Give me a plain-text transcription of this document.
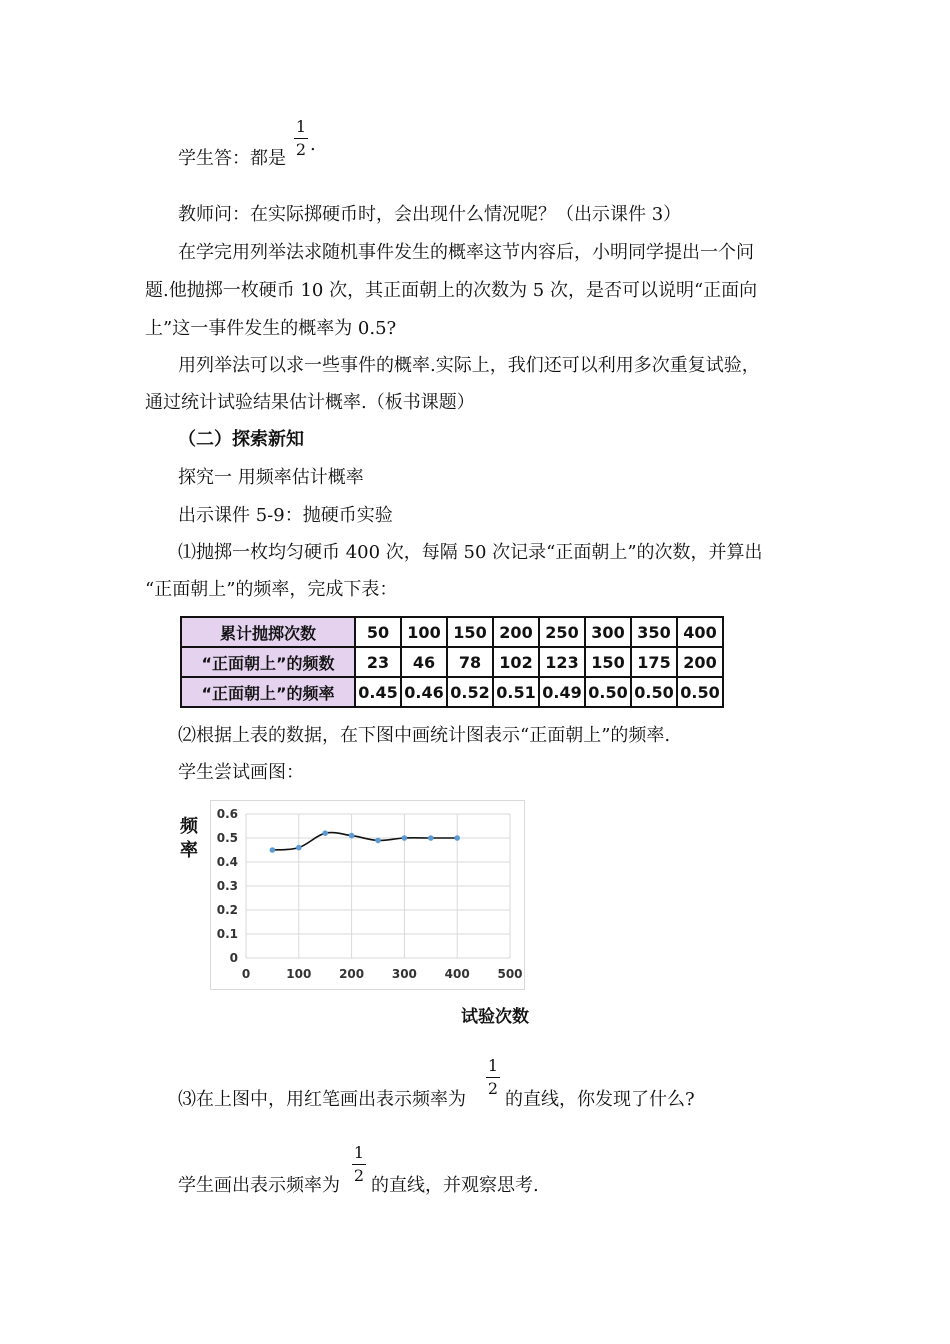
学生答：都是
1
2 .
教师问：在实际掷硬币时，会出现什么情况呢？（出示课件 3）
在学完用列举法求随机事件发生的概率这节内容后，小明同学提出一个问
题.他抛掷一枚硬币 10 次，其正面朝上的次数为 5 次，是否可以说明“正面向
上”这一事件发生的概率为 0.5?
用列举法可以求一些事件的概率.实际上，我们还可以利用多次重复试验，
通过统计试验结果估计概率.（板书课题）
（二）探索新知
探究一 用频率估计概率
出示课件 5-9：抛硬币实验
⑴抛掷一枚均匀硬币 400 次，每隔 50 次记录“正面朝上”的次数，并算出
“正面朝上”的频率，完成下表：
累计抛掷次数	50	100	150	200	250	300	350	400
“正面朝上”的频数	23	46	78	102	123	150	175	200
“正面朝上”的频率	0.45	0.46	0.52	0.51	0.49	0.50	0.50	0.50
⑵根据上表的数据，在下图中画统计图表示“正面朝上”的频率.
学生尝试画图：
频
率
0
0.1
0.2
0.3
0.4
0.5
0.6
0	100 200 300 400 500
试验次数
⑶在上图中，用红笔画出表示频率为
1
2
的直线，你发现了什么?
学生画出表示频率为
1
2 的直线，并观察思考.
